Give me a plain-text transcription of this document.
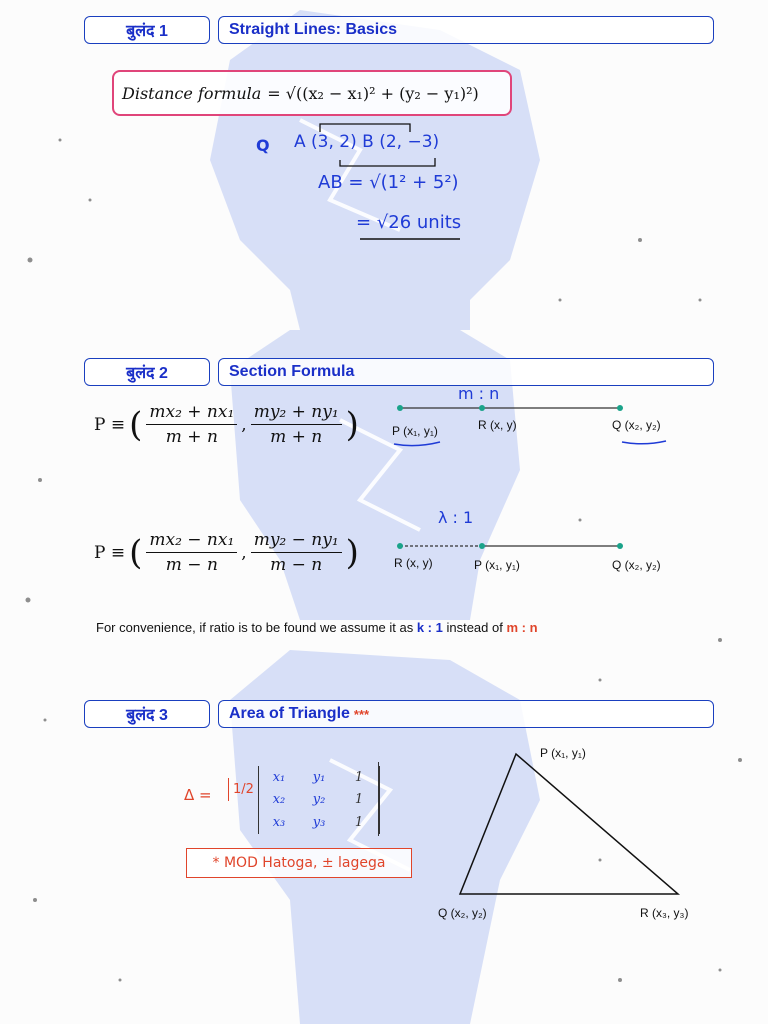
बुलंद 1	Straight Lines: Basics
Distance formula = √((x₂ − x₁)² + (y₂ − y₁)²)
Q A (3, 2) B (2, −3)
AB = √(1² + 5²)
= √26 units
बुलंद 2	Section Formula
P ≡ ( $\frac{\text{mx₂ + nx₁}}{m + n}$ , $\frac{\text{my₂ + ny₁}}{m + n}$ )
m : n
P (x₁, y₁)	R (x, y)	Q (x₂, y₂)
P ≡ ( $\frac{\text{mx₂ − nx₁}}{m - n}$ , $\frac{\text{my₂ − ny₁}}{m - n}$ )
λ : 1
R (x, y)	P (x₁, y₁)	Q (x₂, y₂)
For convenience, if ratio is to be found we assume it as k : 1 instead of m : n
बुलंद 3	Area of Triangle ***
Δ =	1/2
x₁ y₁ 1
x₂ y₂ 1
x₃ y₃ 1
* MOD Hatoga, ± lagega
P (x₁, y₁)
Q (x₂, y₂)	R (x₃, y₃)
